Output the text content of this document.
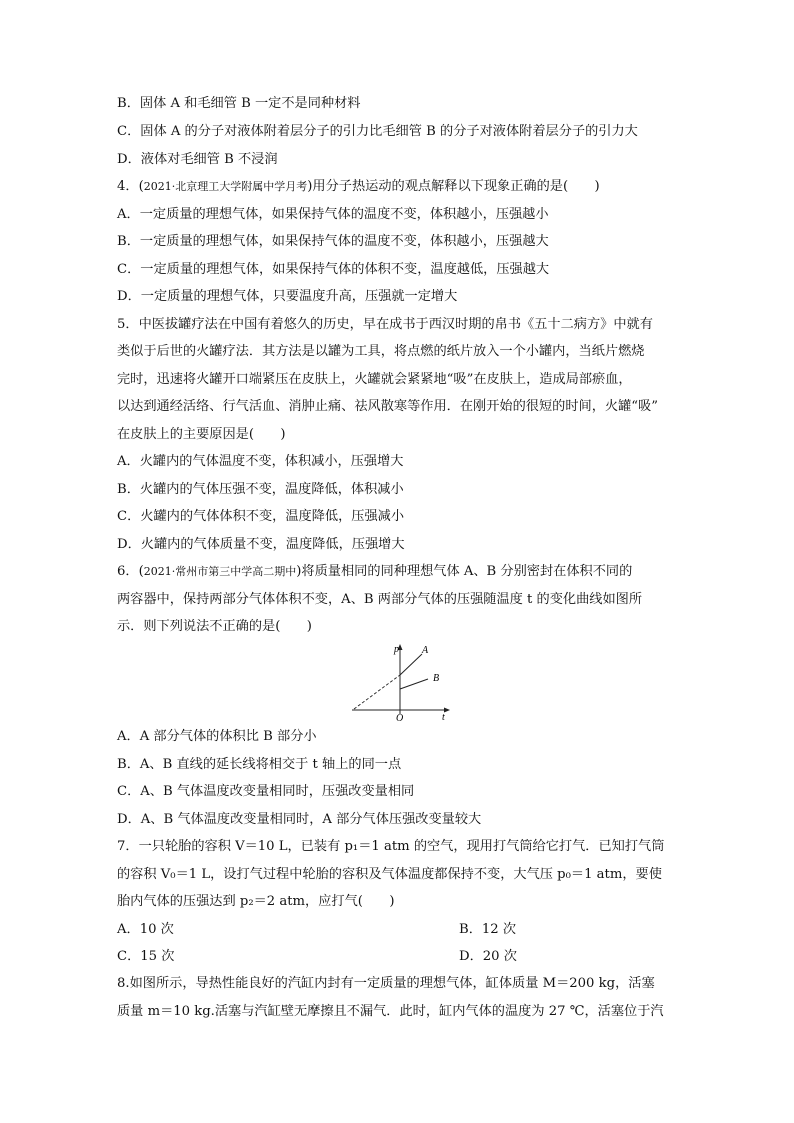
B．固体 A 和毛细管 B 一定不是同种材料
C．固体 A 的分子对液体附着层分子的引力比毛细管 B 的分子对液体附着层分子的引力大
D．液体对毛细管 B 不浸润
4．(2021·北京理工大学附属中学月考)用分子热运动的观点解释以下现象正确的是(　　)
A．一定质量的理想气体，如果保持气体的温度不变，体积越小，压强越小
B．一定质量的理想气体，如果保持气体的温度不变，体积越小，压强越大
C．一定质量的理想气体，如果保持气体的体积不变，温度越低，压强越大
D．一定质量的理想气体，只要温度升高，压强就一定增大
5．中医拔罐疗法在中国有着悠久的历史，早在成书于西汉时期的帛书《五十二病方》中就有
类似于后世的火罐疗法．其方法是以罐为工具，将点燃的纸片放入一个小罐内，当纸片燃烧
完时，迅速将火罐开口端紧压在皮肤上，火罐就会紧紧地“吸”在皮肤上，造成局部瘀血，
以达到通经活络、行气活血、消肿止痛、祛风散寒等作用．在刚开始的很短的时间，火罐“吸”
在皮肤上的主要原因是(　　)
A．火罐内的气体温度不变，体积减小，压强增大
B．火罐内的气体压强不变，温度降低，体积减小
C．火罐内的气体体积不变，温度降低，压强减小
D．火罐内的气体质量不变，温度降低，压强增大
6．(2021·常州市第三中学高二期中)将质量相同的同种理想气体 A、B 分别密封在体积不同的
两容器中，保持两部分气体体积不变，A、B 两部分气体的压强随温度 t 的变化曲线如图所
示．则下列说法不正确的是(　　)
p A
B
O	t
A．A 部分气体的体积比 B 部分小
B．A、B 直线的延长线将相交于 t 轴上的同一点
C．A、B 气体温度改变量相同时，压强改变量相同
D．A、B 气体温度改变量相同时，A 部分气体压强改变量较大
7．一只轮胎的容积 V＝10 L，已装有 p₁＝1 atm 的空气，现用打气筒给它打气．已知打气筒
的容积 V₀＝1 L，设打气过程中轮胎的容积及气体温度都保持不变，大气压 p₀＝1 atm，要使
胎内气体的压强达到 p₂＝2 atm，应打气(　　)
A．10 次	B．12 次
C．15 次	D．20 次
8.如图所示，导热性能良好的汽缸内封有一定质量的理想气体，缸体质量 M＝200 kg，活塞
质量 m＝10 kg.活塞与汽缸壁无摩擦且不漏气．此时，缸内气体的温度为 27 ℃，活塞位于汽
